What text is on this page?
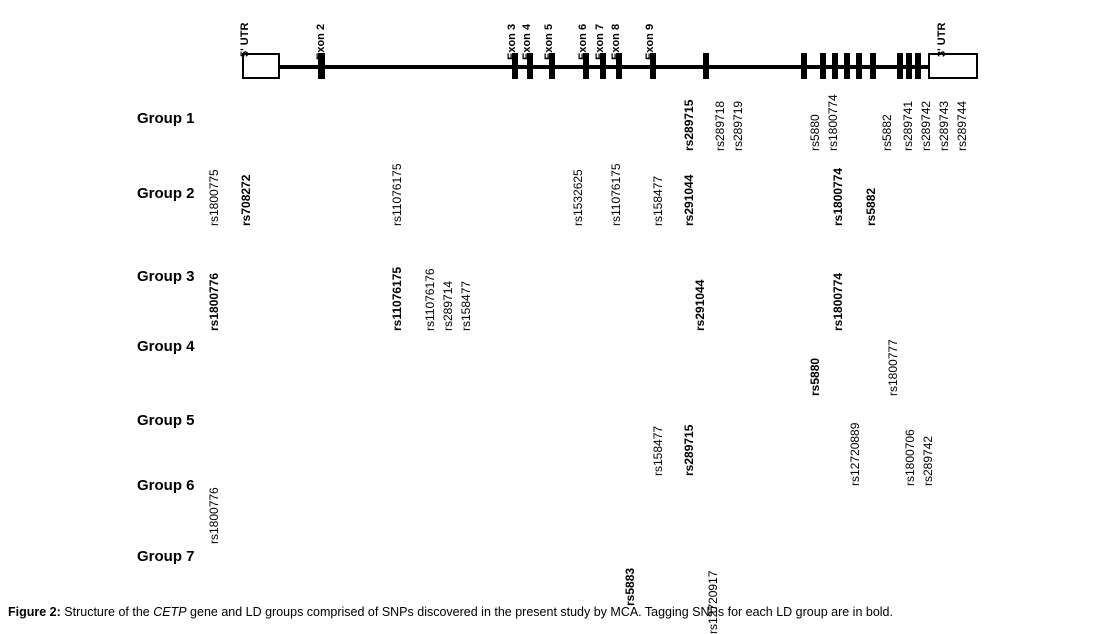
5' UTR	3' UTR
Exon 2	Exon 3 Exon 4 Exon 5 Exon 6 Exon 7 Exon 8 Exon 9
Group 1
Group 2
Group 3
Group 4
Group 5
Group 6
Group 7
rs289715 rs289718 rs289719	rs5880 rs1800774	rs5882 rs289741 rs289742 rs289743 rs289744
rs1800775 rs708272	rs11076175	rs1532625 rs11076175 rs158477 rs291044	rs1800774 rs5882
rs1800776	rs11076175 rs11076176 rs289714 rs158477	rs291044	rs1800774
rs5880	rs1800777
rs158477 rs289715	rs12720889	rs1800706 rs289742
rs1800776
rs5883	rs12720917
Figure 2: Structure of the CETP gene and LD groups comprised of SNPs discovered in the present study by MCA. Tagging SNPs for each LD group are in bold.
